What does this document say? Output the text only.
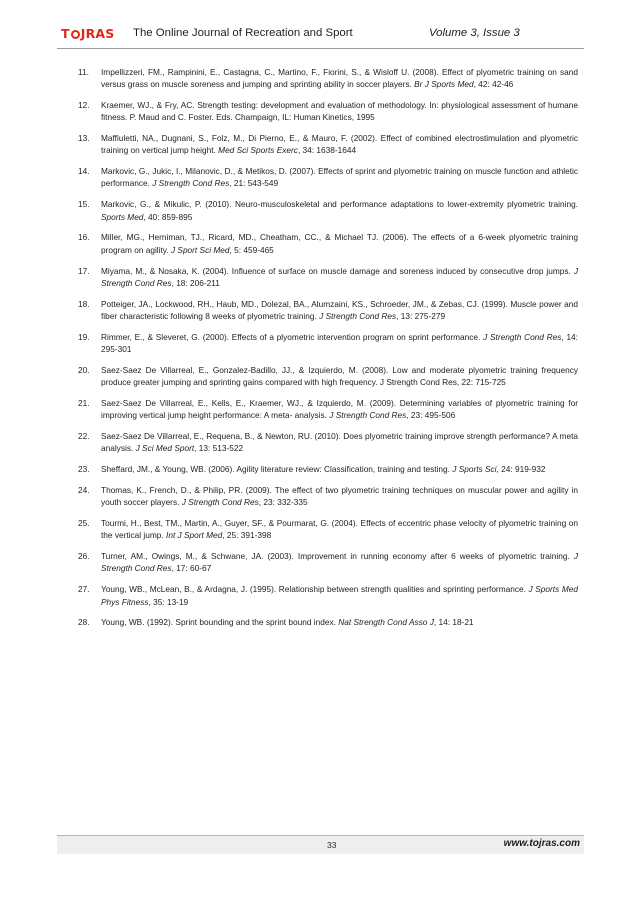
T JRAS The Online Journal of Recreation and Sport	Volume 3, Issue 3
11. Impellizzeri, FM., Rampinini, E., Castagna, C., Martino, F., Fiorini, S., & Wisloff U. (2008). Effect of plyometric training on sand versus grass on muscle soreness and jumping and sprinting ability in soccer players. Br J Sports Med, 42: 42-46
12. Kraemer, WJ., & Fry, AC. Strength testing: development and evaluation of methodology. In: physiological assessment of humane fitness. P. Maud and C. Foster. Eds. Champaign, IL: Human Kinetics, 1995
13. Maffiuletti, NA., Dugnani, S., Folz, M., Di Pierno, E., & Mauro, F. (2002). Effect of combined electrostimulation and plyometric training on vertical jump height. Med Sci Sports Exerc, 34: 1638-1644
14. Markovic, G., Jukic, I., Milanovic, D., & Metikos, D. (2007). Effects of sprint and plyometric training on muscle function and athletic performance. J Strength Cond Res, 21: 543-549
15. Markovic, G., & Mikulic, P. (2010). Neuro-musculoskeletal and performance adaptations to lower-extremity plyometric training. Sports Med, 40: 859-895
16. Miller, MG., Herniman, TJ., Ricard, MD., Cheatham, CC., & Michael TJ. (2006). The effects of a 6-week plyometric training program on agility. J Sport Sci Med, 5: 459-465
17. Miyama, M., & Nosaka, K. (2004). Influence of surface on muscle damage and soreness induced by consecutive drop jumps. J Strength Cond Res, 18: 206-211
18. Potteiger, JA., Lockwood, RH., Haub, MD., Dolezal, BA., Alumzaini, KS., Schroeder, JM., & Zebas, CJ. (1999). Muscle power and fiber characteristic following 8 weeks of plyometric training. J Strength Cond Res, 13: 275-279
19. Rimmer, E., & Sleveret, G. (2000). Effects of a plyometric intervention program on sprint performance. J Strength Cond Res, 14: 295-301
20. Saez-Saez De Villarreal, E., Gonzalez-Badillo, JJ., & Izquierdo, M. (2008). Low and moderate plyometric training frequency produce greater jumping and sprinting gains compared with high frequency. J Strength Cond Res, 22: 715-725
21. Saez-Saez De Villarreal, E., Kells, E., Kraemer, WJ., & Izquierdo, M. (2009). Determining variables of plyometric training for improving vertical jump height performance: A meta- analysis. J Strength Cond Res, 23: 495-506
22. Saez-Saez De Villarreal, E., Requena, B., & Newton, RU. (2010). Does plyometric training improve strength performance? A meta analysis. J Sci Med Sport, 13: 513-522
23. Sheffard, JM., & Young, WB. (2006). Agility literature review: Classification, training and testing. J Sports Sci, 24: 919-932
24. Thomas, K., French, D., & Philip, PR. (2009). The effect of two plyometric training techniques on muscular power and agility in youth soccer players. J Strength Cond Res, 23: 332-335
25. Tourmi, H., Best, TM., Martin, A., Guyer, SF., & Pourmarat, G. (2004). Effects of eccentric phase velocity of plyometric training on the vertical jump. Int J Sport Med, 25: 391-398
26. Turner, AM., Owings, M., & Schwane, JA. (2003). Improvement in running economy after 6 weeks of plyometric training. J Strength Cond Res, 17: 60-67
27. Young, WB., McLean, B., & Ardagna, J. (1995). Relationship between strength qualities and sprinting performance. J Sports Med Phys Fitness, 35: 13-19
28. Young, WB. (1992). Sprint bounding and the sprint bound index. Nat Strength Cond Asso J, 14: 18-21
33	www.tojras.com
